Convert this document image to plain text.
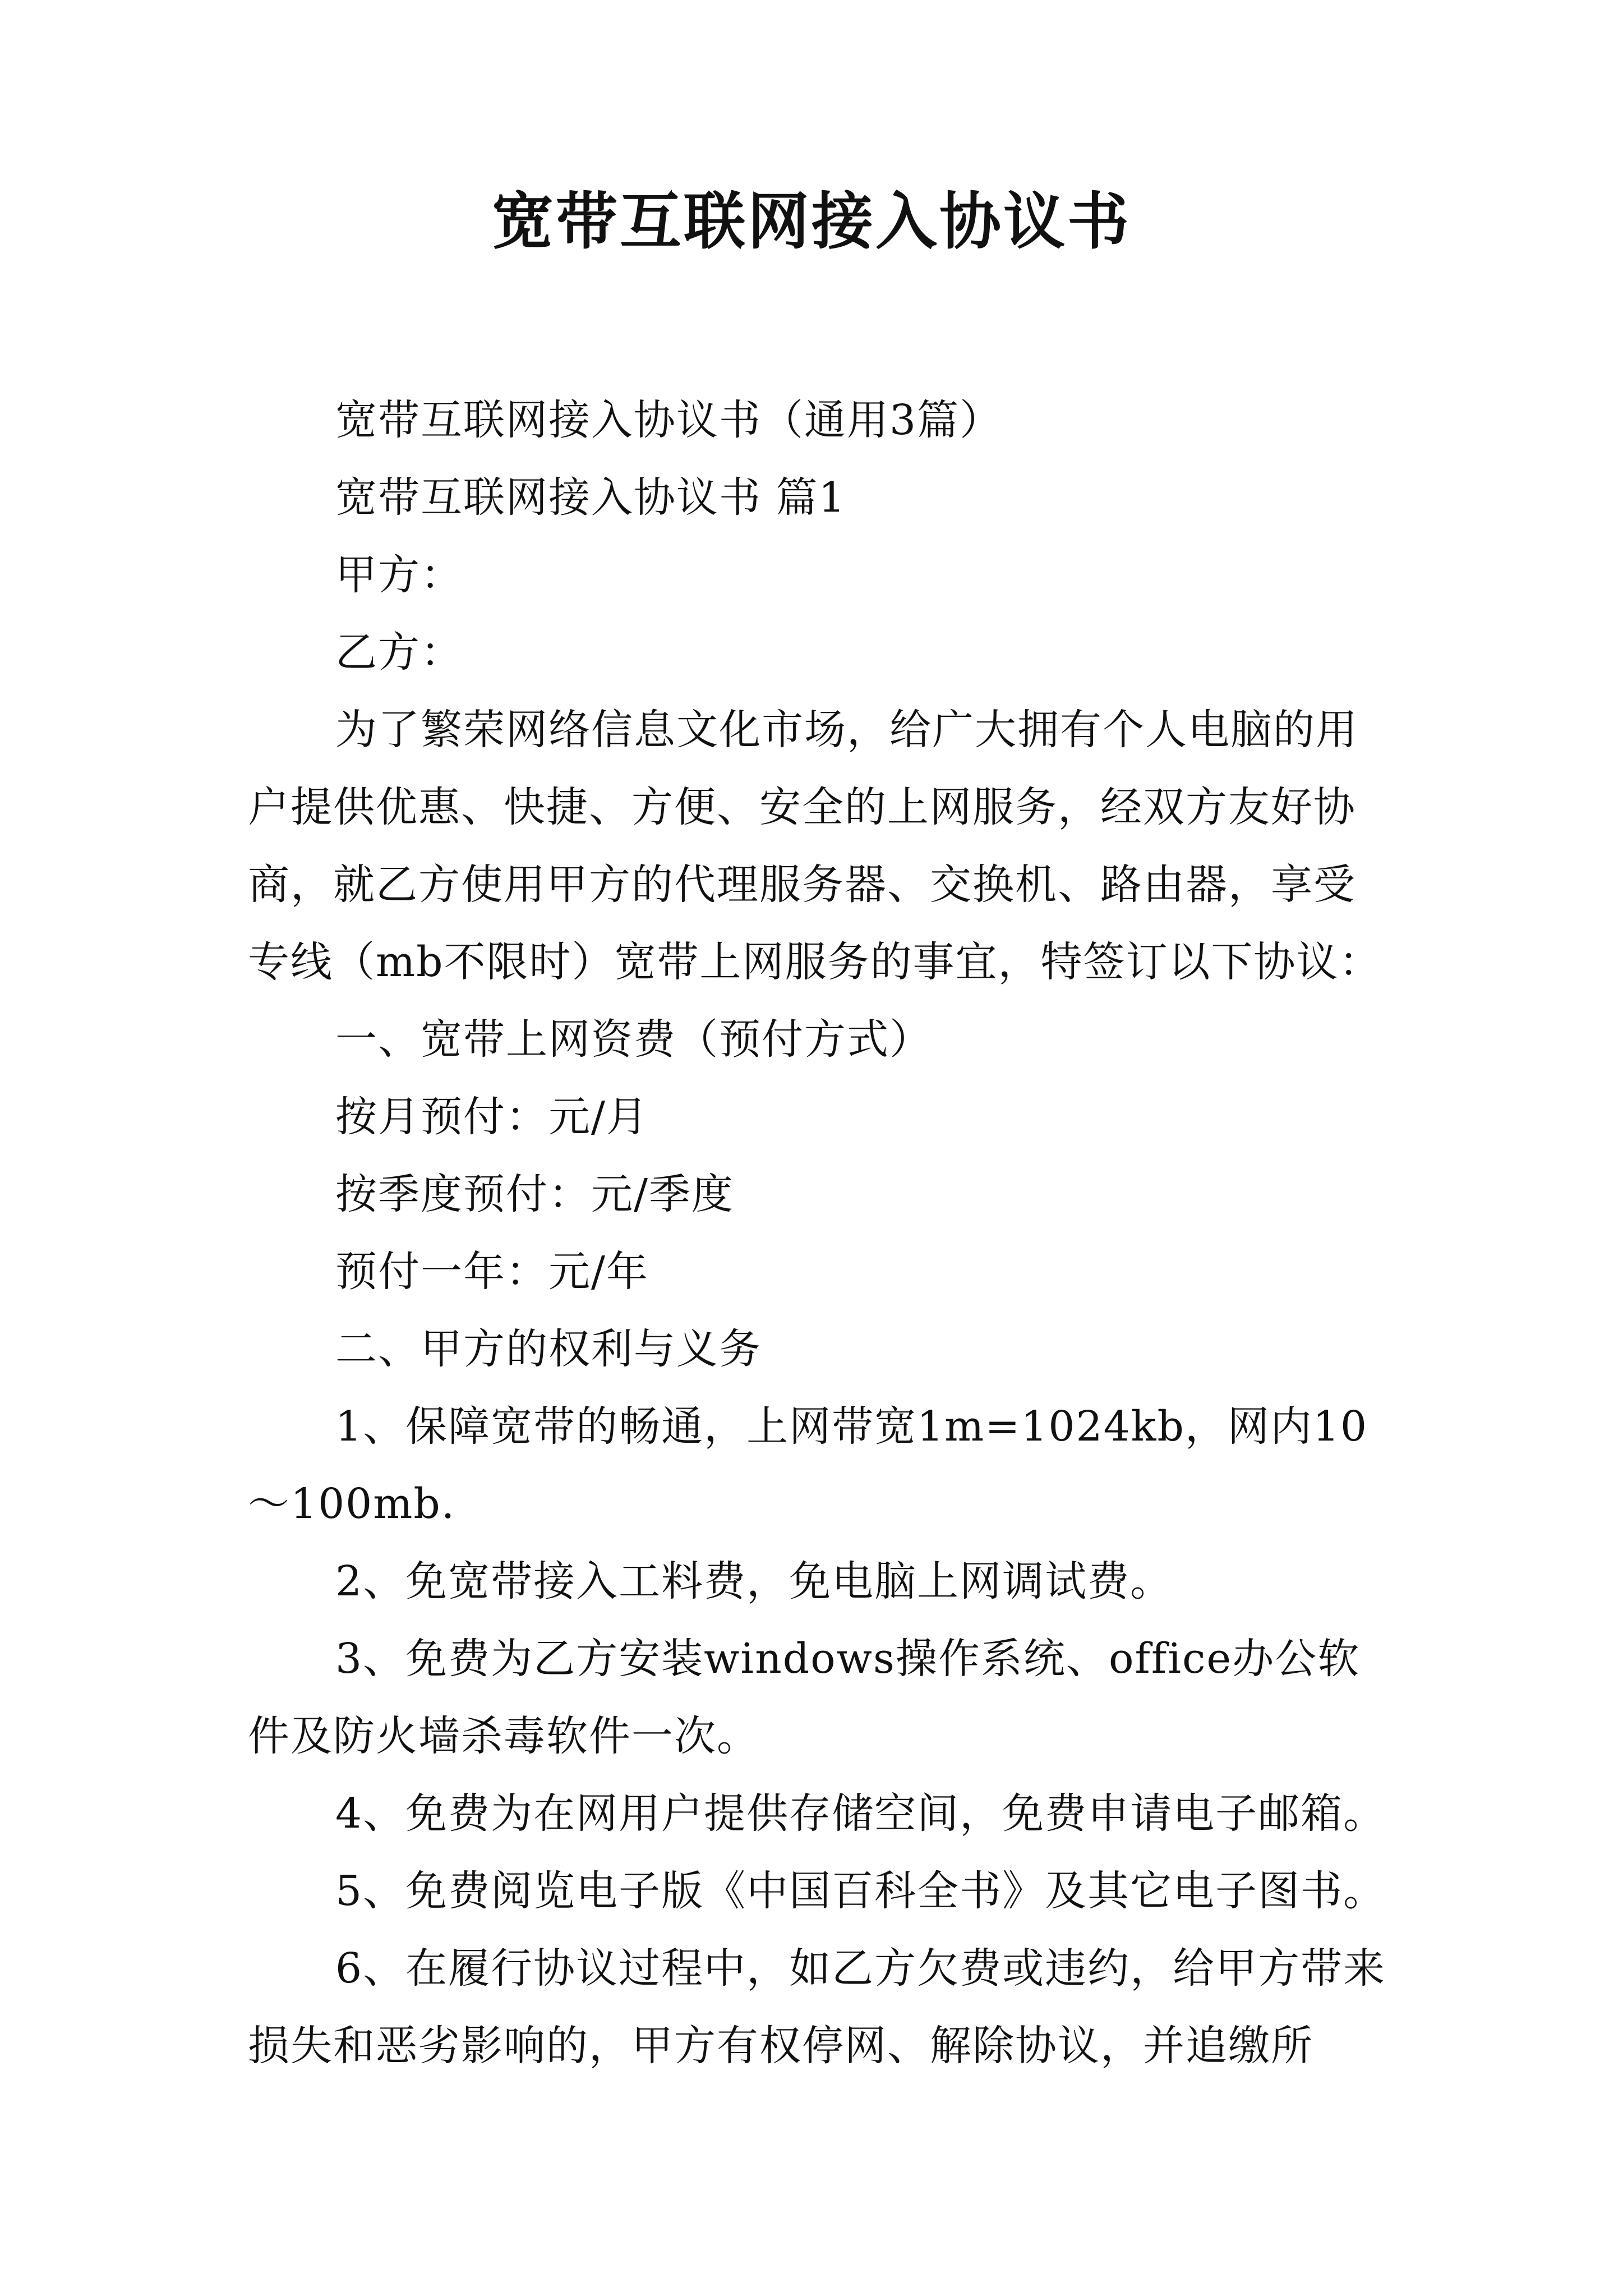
宽带互联网接入协议书

宽带互联网接入协议书（通用3篇）

宽带互联网接入协议书 篇1

甲方：

乙方：

为了繁荣网络信息文化市场，给广大拥有个人电脑的用户提供优惠、快捷、方便、安全的上网服务，经双方友好协商，就乙方使用甲方的代理服务器、交换机、路由器，享受专线（mb不限时）宽带上网服务的事宜，特签订以下协议：

一、宽带上网资费（预付方式）

按月预付：元/月

按季度预付：元/季度

预付一年：元/年

二、甲方的权利与义务

1、保障宽带的畅通，上网带宽1m=1024kb，网内10～100mb.

2、免宽带接入工料费，免电脑上网调试费。

3、免费为乙方安装windows操作系统、office办公软件及防火墙杀毒软件一次。

4、免费为在网用户提供存储空间，免费申请电子邮箱。

5、免费阅览电子版《中国百科全书》及其它电子图书。

6、在履行协议过程中，如乙方欠费或违约，给甲方带来损失和恶劣影响的，甲方有权停网、解除协议，并追缴所
